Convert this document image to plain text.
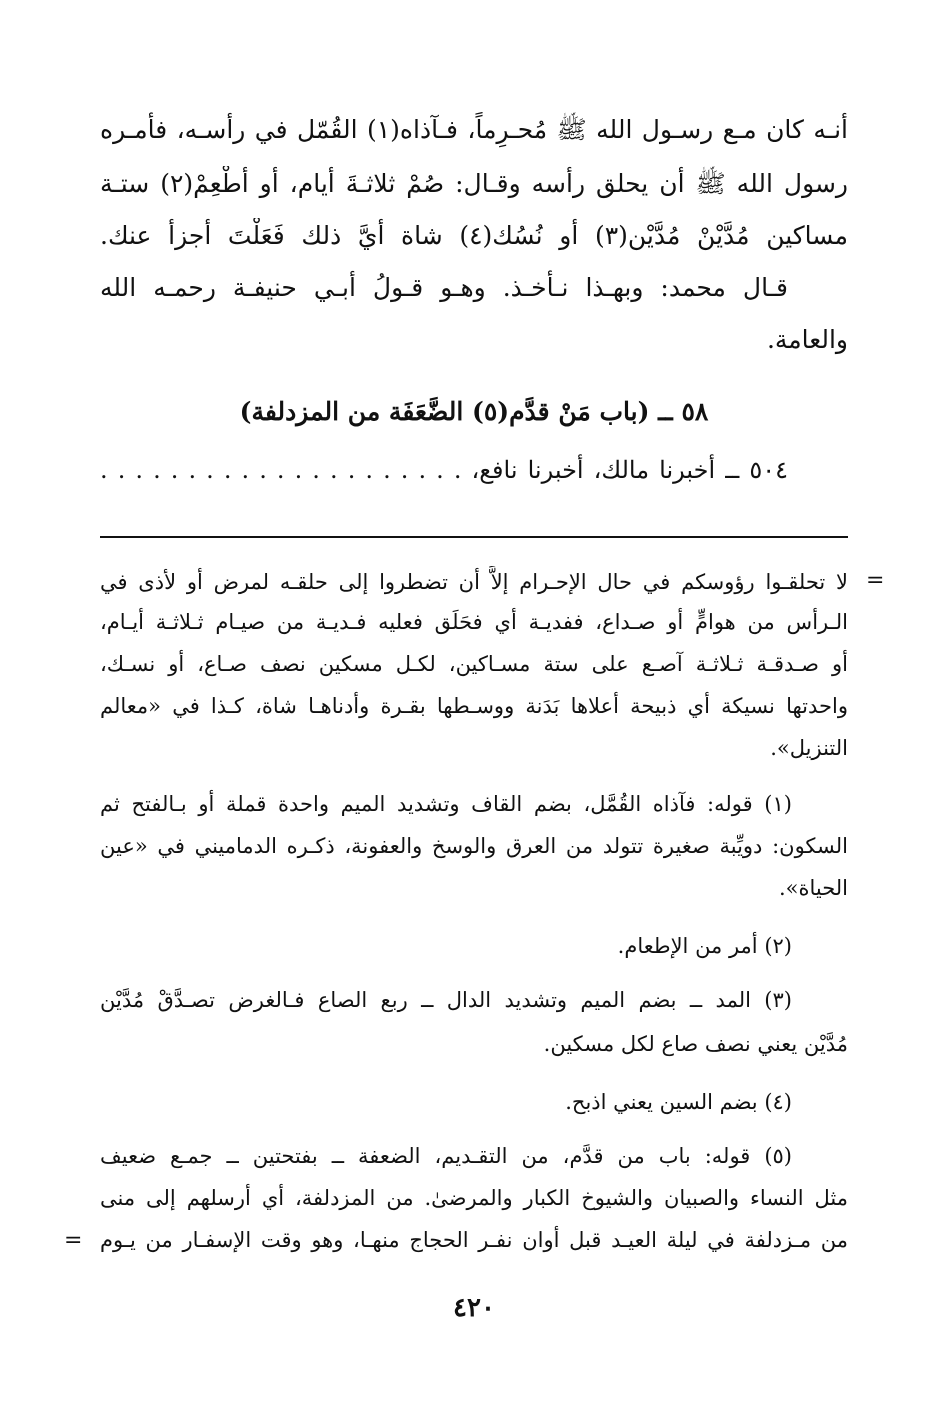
أنـه كان مـع رسـول الله ﷺ مُحـرِماً، فـآذاه(١) القُمّل في رأسـه، فأمـره
رسول الله ﷺ أن يحلق رأسه وقـال: صُمْ ثلاثـةَ أيام، أو أطْعِمْ(٢) ستـة
مساكين مُدَّيْنْ مُدَّيْن(٣) أو نُسُك(٤) شاة أيَّ ذلك فَعَلْتَ أجزأ عنك.
قـال محمد: وبهـذا نـأخـذ. وهـو قـولُ أبـي حنيفـة رحمـه الله
والعامة.
٥٨ ــ (باب مَنْ قدَّم(٥) الضَّعَفَة من المزدلفة)
٥٠٤ ــ أخبرنا مالك، أخبرنا نافع، . . . . . . . . . . . . . . . . . . . . .
لا تحلقـوا رؤوسكم في حال الإحـرام إلاَّ أن تضطروا إلى حلقـه لمرض أو لأذى في
الـرأس من هوامٍّ أو صـداع، ففديـة أي فحَلَق فعليه فـديـة من صيـام ثـلاثـة أيـام،
أو صـدقـة ثـلاثـة آصـع على ستة مسـاكين، لكـل مسكين نصف صـاع، أو نسـك،
واحدتها نسيكة أي ذبيحة أعلاها بَدَنة ووسـطها بقـرة وأدناهـا شاة، كـذا في «معالم
التنزيل».
(١) قوله: فآذاه القُمَّل، بضم القاف وتشديد الميم واحدة قملة أو بـالفتح ثم
السكون: دويِّبة صغيرة تتولد من العرق والوسخ والعفونة، ذكـره الدماميني في «عين
الحياة».
(٢) أمر من الإطعام.
(٣) المد ــ بضم الميم وتشديد الدال ــ ربع الصاع فـالغرض تصـدَّقْ مُدَّيْن
مُدَّيْن يعني نصف صاع لكل مسكين.
(٤) بضم السين يعني اذبح.
(٥) قوله: باب من قدَّم، من التقـديم، الضعفة ــ بفتحتين ــ جمـع ضعيف
مثل النساء والصبيان والشيوخ الكبار والمرضىٰ. من المزدلفة، أي أرسلهم إلى منى
من مـزدلفة في ليلة العيـد قبل أوان نفـر الحجاج منهـا، وهو وقت الإسفـار من يـوم
=
=
٤٢٠
